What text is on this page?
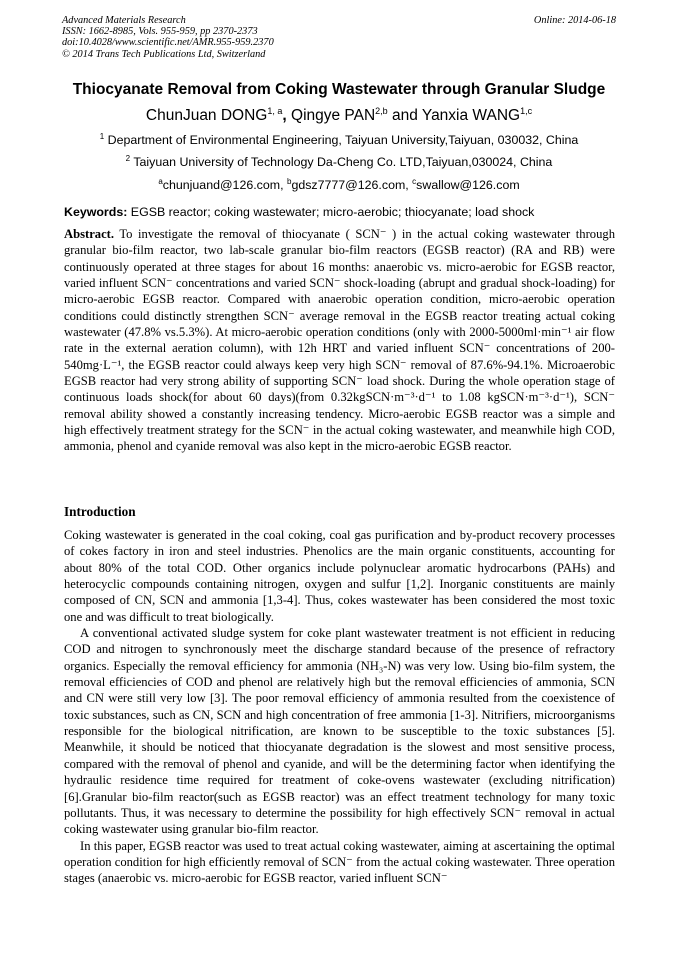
Advanced Materials Research
ISSN: 1662-8985, Vols. 955-959, pp 2370-2373
doi:10.4028/www.scientific.net/AMR.955-959.2370
© 2014 Trans Tech Publications Ltd, Switzerland
Online: 2014-06-18
Thiocyanate Removal from Coking Wastewater through Granular Sludge
ChunJuan DONG$^{1, a}$, Qingye PAN$^{2,b}$ and Yanxia WANG$^{1,c}$
$^1$ Department of Environmental Engineering, Taiyuan University,Taiyuan, 030032, China
$^2$ Taiyuan University of Technology Da-Cheng Co. LTD,Taiyuan,030024, China
$^a$chunjuand@126.com, $^b$gdsz7777@126.com, $^c$swallow@126.com
Keywords: EGSB reactor; coking wastewater; micro-aerobic; thiocyanate; load shock
Abstract. To investigate the removal of thiocyanate ( SCN⁻ ) in the actual coking wastewater through granular bio-film reactor, two lab-scale granular bio-film reactors (EGSB reactor) (RA and RB) were continuously operated at three stages for about 16 months: anaerobic vs. micro-aerobic for EGSB reactor, varied influent SCN⁻ concentrations and varied SCN⁻ shock-loading (abrupt and gradual shock-loading) for micro-aerobic EGSB reactor. Compared with anaerobic operation condition, micro-aerobic operation conditions could distinctly strengthen SCN⁻ average removal in the EGSB reactor treating actual coking wastewater (47.8% vs.5.3%). At micro-aerobic operation conditions (only with 2000-5000ml·min⁻¹ air flow rate in the external aeration column), with 12h HRT and varied influent SCN⁻ concentrations of 200-540mg·L⁻¹, the EGSB reactor could always keep very high SCN⁻ removal of 87.6%-94.1%. Microaerobic EGSB reactor had very strong ability of supporting SCN⁻ load shock. During the whole operation stage of continuous loads shock(for about 60 days)(from 0.32kgSCN·m⁻³·d⁻¹ to 1.08 kgSCN·m⁻³·d⁻¹), SCN⁻ removal ability showed a constantly increasing tendency. Micro-aerobic EGSB reactor was a simple and high effectively treatment strategy for the SCN⁻ in the actual coking wastewater, and meanwhile high COD, ammonia, phenol and cyanide removal was also kept in the micro-aerobic EGSB reactor.
Introduction

Coking wastewater is generated in the coal coking, coal gas purification and by-product recovery processes of cokes factory in iron and steel industries. Phenolics are the main organic constituents, accounting for about 80% of the total COD. Other organics include polynuclear aromatic hydrocarbons (PAHs) and heterocyclic compounds containing nitrogen, oxygen and sulfur [1,2]. Inorganic constituents are mainly composed of CN, SCN and ammonia [1,3-4]. Thus, cokes wastewater has been considered the most toxic one and was difficult to treat biologically.

A conventional activated sludge system for coke plant wastewater treatment is not efficient in reducing COD and nitrogen to synchronously meet the discharge standard because of the presence of refractory organics. Especially the removal efficiency for ammonia (NH₃-N) was very low. Using bio-film system, the removal efficiencies of COD and phenol are relatively high but the removal efficiencies of ammonia, SCN and CN were still very low [3]. The poor removal efficiency of ammonia resulted from the coexistence of toxic substances, such as CN, SCN and high concentration of free ammonia [1-3]. Nitrifiers, microorganisms responsible for the biological nitrification, are known to be susceptible to the toxic substances [5]. Meanwhile, it should be noticed that thiocyanate degradation is the slowest and most sensitive process, compared with the removal of phenol and cyanide, and will be the determining factor when identifying the hydraulic residence time required for treatment of coke-ovens wastewater (excluding nitrification)[6].Granular bio-film reactor(such as EGSB reactor) was an effect treatment technology for many toxic pollutants. Thus, it was necessary to determine the possibility for high effectively SCN⁻ removal in actual coking wastewater using granular bio-film reactor.

In this paper, EGSB reactor was used to treat actual coking wastewater, aiming at ascertaining the optimal operation condition for high efficiently removal of SCN⁻ from the actual coking wastewater. Three operation stages (anaerobic vs. micro-aerobic for EGSB reactor, varied influent SCN⁻
